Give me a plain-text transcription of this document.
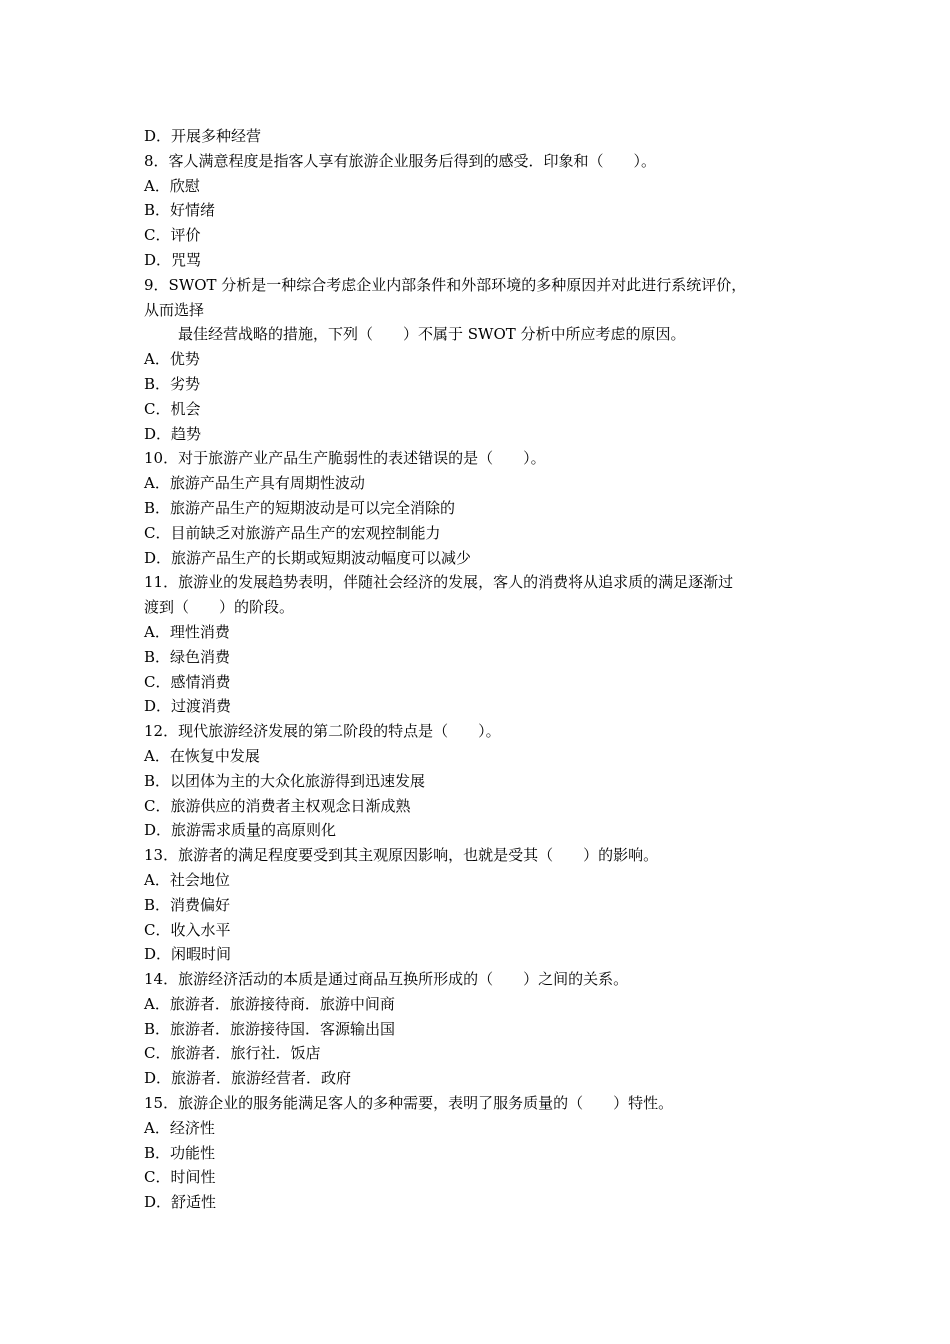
D．开展多种经营
8．客人满意程度是指客人享有旅游企业服务后得到的感受．印象和（　　）。
A．欣慰
B．好情绪
C．评价
D．咒骂
9．SWOT 分析是一种综合考虑企业内部条件和外部环境的多种原因并对此进行系统评价，
从而选择
最佳经营战略的措施，下列（　　）不属于 SWOT 分析中所应考虑的原因。
A．优势
B．劣势
C．机会
D．趋势
10．对于旅游产业产品生产脆弱性的表述错误的是（　　）。
A．旅游产品生产具有周期性波动
B．旅游产品生产的短期波动是可以完全消除的
C．目前缺乏对旅游产品生产的宏观控制能力
D．旅游产品生产的长期或短期波动幅度可以减少
11．旅游业的发展趋势表明，伴随社会经济的发展，客人的消费将从追求质的满足逐渐过
渡到（　　）的阶段。
A．理性消费
B．绿色消费
C．感情消费
D．过渡消费
12．现代旅游经济发展的第二阶段的特点是（　　）。
A．在恢复中发展
B．以团体为主的大众化旅游得到迅速发展
C．旅游供应的消费者主权观念日渐成熟
D．旅游需求质量的高原则化
13．旅游者的满足程度要受到其主观原因影响，也就是受其（　　）的影响。
A．社会地位
B．消费偏好
C．收入水平
D．闲暇时间
14．旅游经济活动的本质是通过商品互换所形成的（　　）之间的关系。
A．旅游者．旅游接待商．旅游中间商
B．旅游者．旅游接待国．客源输出国
C．旅游者．旅行社．饭店
D．旅游者．旅游经营者．政府
15．旅游企业的服务能满足客人的多种需要，表明了服务质量的（　　）特性。
A．经济性
B．功能性
C．时间性
D．舒适性
